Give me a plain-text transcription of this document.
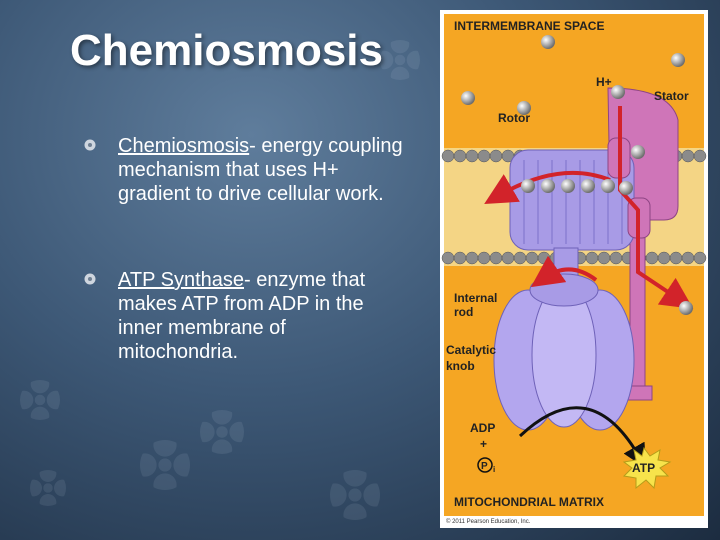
Chemiosmosis
Chemiosmosis- energy coupling mechanism that uses H+ gradient to drive cellular work.
ATP Synthase- enzyme that makes ATP from ADP in the inner membrane of mitochondria.
INTERMEMBRANE SPACE
H+
Stator
Rotor
Internal
rod
Catalytic
knob
ADP
+
P i	ATP
MITOCHONDRIAL MATRIX
© 2011 Pearson Education, Inc.
